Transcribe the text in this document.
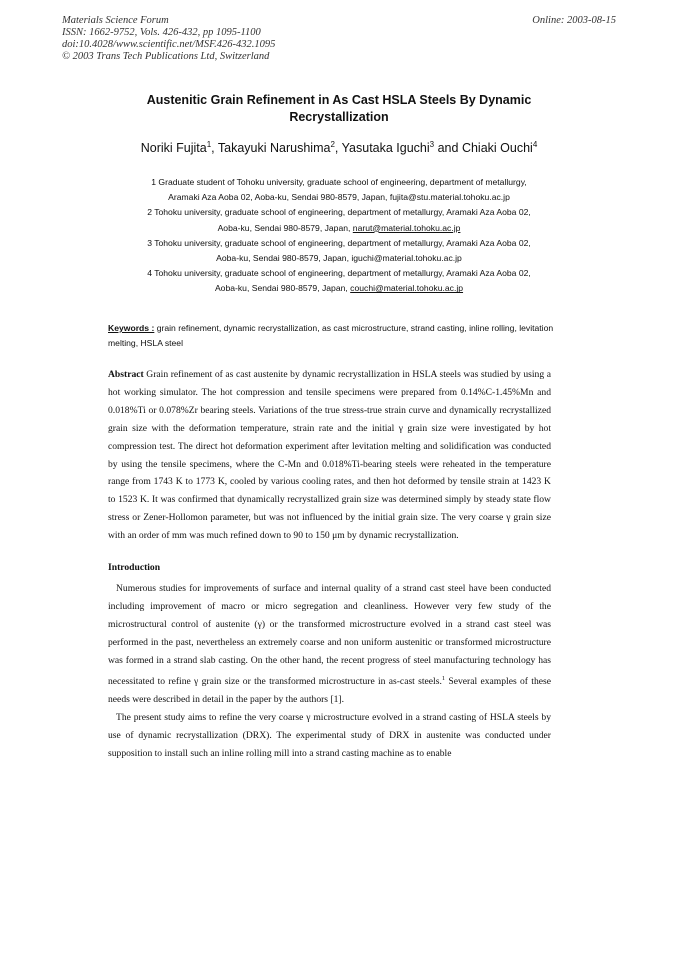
Materials Science Forum
ISSN: 1662-9752, Vols. 426-432, pp 1095-1100
doi:10.4028/www.scientific.net/MSF.426-432.1095
© 2003 Trans Tech Publications Ltd, Switzerland
Online: 2003-08-15
Austenitic Grain Refinement in As Cast HSLA Steels By Dynamic
Recrystallization
Noriki Fujita$^1$, Takayuki Narushima$^2$, Yasutaka Iguchi$^3$ and Chiaki Ouchi$^4$
1 Graduate student of Tohoku university, graduate school of engineering, department of metallurgy,
Aramaki Aza Aoba 02, Aoba-ku, Sendai 980-8579, Japan, fujita@stu.material.tohoku.ac.jp
2 Tohoku university, graduate school of engineering, department of metallurgy, Aramaki Aza Aoba 02,
Aoba-ku, Sendai 980-8579, Japan, narut@material.tohoku.ac.jp
3 Tohoku university, graduate school of engineering, department of metallurgy, Aramaki Aza Aoba 02,
Aoba-ku, Sendai 980-8579, Japan, iguchi@material.tohoku.ac.jp
4 Tohoku university, graduate school of engineering, department of metallurgy, Aramaki Aza Aoba 02,
Aoba-ku, Sendai 980-8579, Japan, couchi@material.tohoku.ac.jp
Keywords : grain refinement, dynamic recrystallization, as cast microstructure, strand casting, inline rolling, levitation melting, HSLA steel
Abstract Grain refinement of as cast austenite by dynamic recrystallization in HSLA steels was studied by using a hot working simulator. The hot compression and tensile specimens were prepared from 0.14%C-1.45%Mn and 0.018%Ti or 0.078%Zr bearing steels. Variations of the true stress-true strain curve and dynamically recrystallized grain size with the deformation temperature, strain rate and the initial γ grain size were investigated by hot compression test. The direct hot deformation experiment after levitation melting and solidification was conducted by using the tensile specimens, where the C-Mn and 0.018%Ti-bearing steels were reheated in the temperature range from 1743 K to 1773 K, cooled by various cooling rates, and then hot deformed by tensile strain at 1423 K to 1523 K. It was confirmed that dynamically recrystallized grain size was determined simply by steady state flow stress or Zener-Hollomon parameter, but was not influenced by the initial grain size. The very coarse γ grain size with an order of mm was much refined down to 90 to 150 μm by dynamic recrystallization.
Introduction

Numerous studies for improvements of surface and internal quality of a strand cast steel have been conducted including improvement of macro or micro segregation and cleanliness. However very few study of the microstructural control of austenite (γ) or the transformed microstructure evolved in a strand cast steel was performed in the past, nevertheless an extremely coarse and non uniform austenitic or transformed microstructure was formed in a strand slab casting. On the other hand, the recent progress of steel manufacturing technology has necessitated to refine γ grain size or the transformed microstructure in as-cast steels.$^1$ Several examples of these needs were described in detail in the paper by the authors [1].

The present study aims to refine the very coarse γ microstructure evolved in a strand casting of HSLA steels by use of dynamic recrystallization (DRX). The experimental study of DRX in austenite was conducted under supposition to install such an inline rolling mill into a strand casting machine as to enable
